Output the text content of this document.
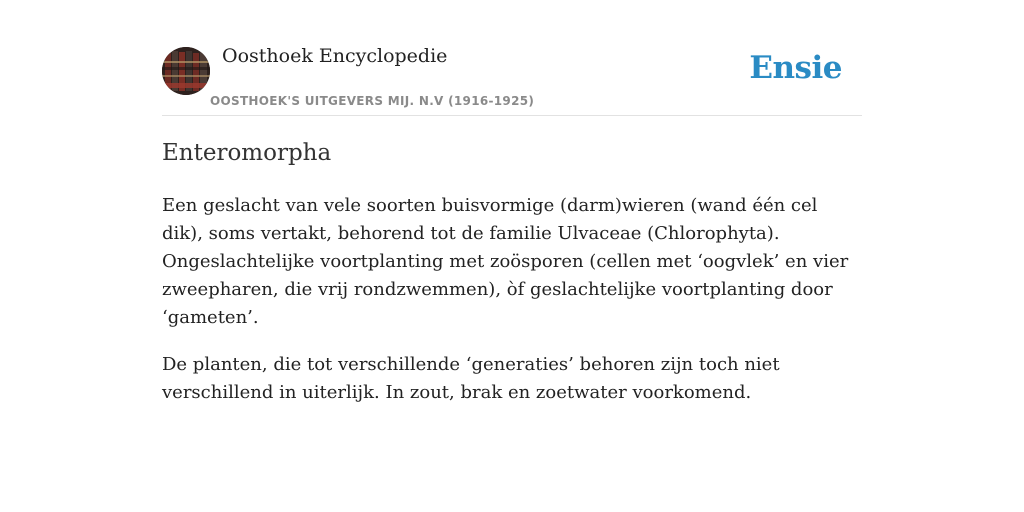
Oosthoek Encyclopedie
OOSTHOEK'S UITGEVERS MIJ. N.V (1916-1925)
Ensie
Enteromorpha

Een geslacht van vele soorten buisvormige (darm)wieren (wand één cel dik), soms vertakt, behorend tot de familie Ulvaceae (Chlorophyta). Ongeslachtelijke voortplanting met zoösporen (cellen met ‘oogvlek’ en vier zweepharen, die vrij rondzwemmen), òf geslachtelijke voortplanting door ‘gameten’.

De planten, die tot verschillende ‘generaties’ behoren zijn toch niet verschillend in uiterlijk. In zout, brak en zoetwater voorkomend.
